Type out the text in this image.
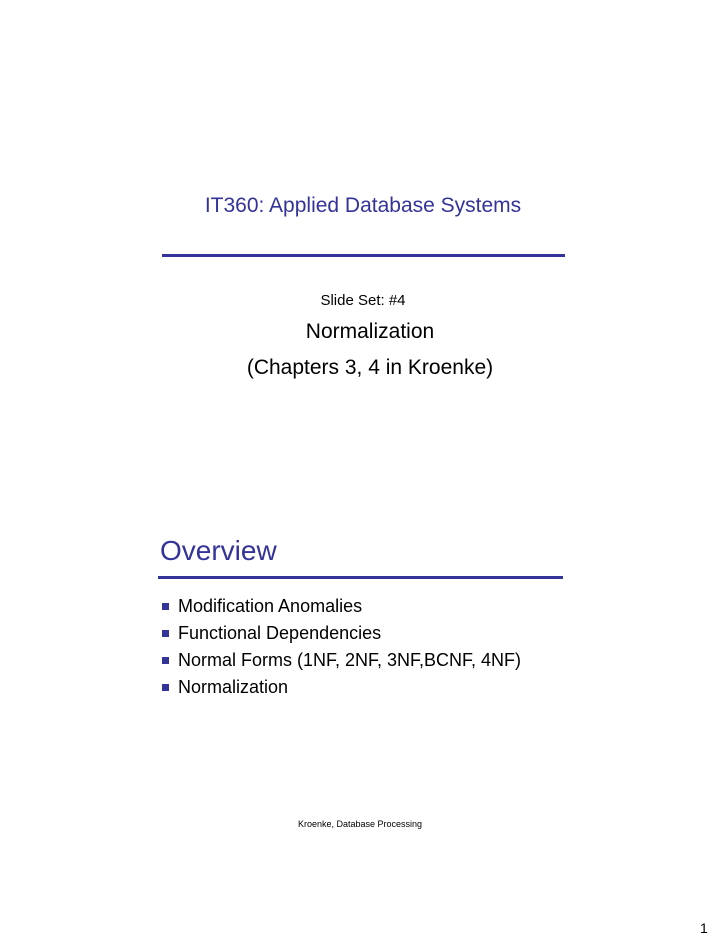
IT360: Applied Database Systems
Slide Set: #4
Normalization
(Chapters 3, 4 in Kroenke)
Overview
Modification Anomalies
Functional Dependencies
Normal Forms (1NF, 2NF, 3NF,BCNF, 4NF)
Normalization
Kroenke, Database Processing
1
